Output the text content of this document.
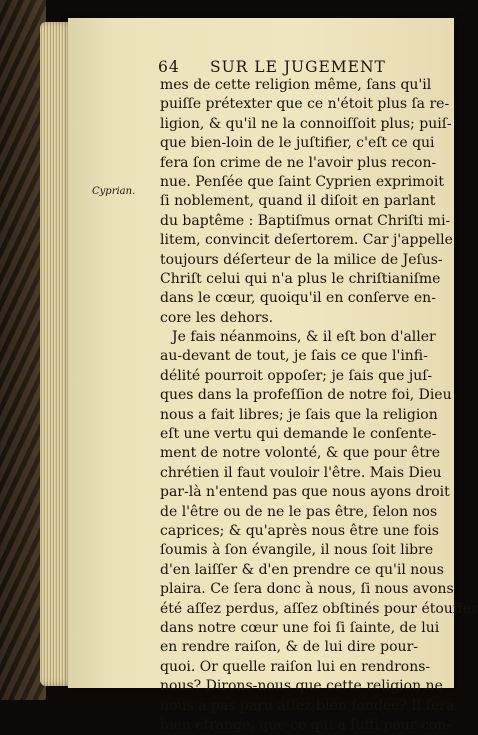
64 SUR LE JUGEMENT
Cyprian.
mes de cette religion même, ſans qu'il
puiſſe prétexter que ce n'étoit plus ſa re-
ligion, & qu'il ne la connoiſſoit plus; puiſ-
que bien-loin de le juſtifier, c'eſt ce qui
fera ſon crime de ne l'avoir plus recon-
nue. Penſée que ſaint Cyprien exprimoit
ſi noblement, quand il diſoit en parlant
du baptême : Baptiſmus ornat Chriſti mi-
litem, convincit deſertorem. Car j'appelle
toujours déſerteur de la milice de Jeſus-
Chriſt celui qui n'a plus le chriſtianiſme
dans le cœur, quoiqu'il en conſerve en-
core les dehors.
Je fais néanmoins, & il eſt bon d'aller
au-devant de tout, je ſais ce que l'infi-
délité pourroit oppoſer; je ſais que juſ-
ques dans la profeſſion de notre foi, Dieu
nous a fait libres; je ſais que la religion
eſt une vertu qui demande le conſente-
ment de notre volonté, & que pour être
chrétien il faut vouloir l'être. Mais Dieu
par-là n'entend pas que nous ayons droit
de l'être ou de ne le pas être, ſelon nos
caprices; & qu'après nous être une fois
ſoumis à ſon évangile, il nous ſoit libre
d'en laiſſer & d'en prendre ce qu'il nous
plaira. Ce ſera donc à nous, ſi nous avons
été aſſez perdus, aſſez obſtinés pour étouffer
dans notre cœur une foi ſi ſainte, de lui
en rendre raiſon, & de lui dire pour-
quoi. Or quelle raiſon lui en rendrons-
nous? Dirons-nous que cette religion ne
nous a pas paru aſſez bien fondée? Il ſera
bien étrange, que ce qui a ſuffi pour con-
